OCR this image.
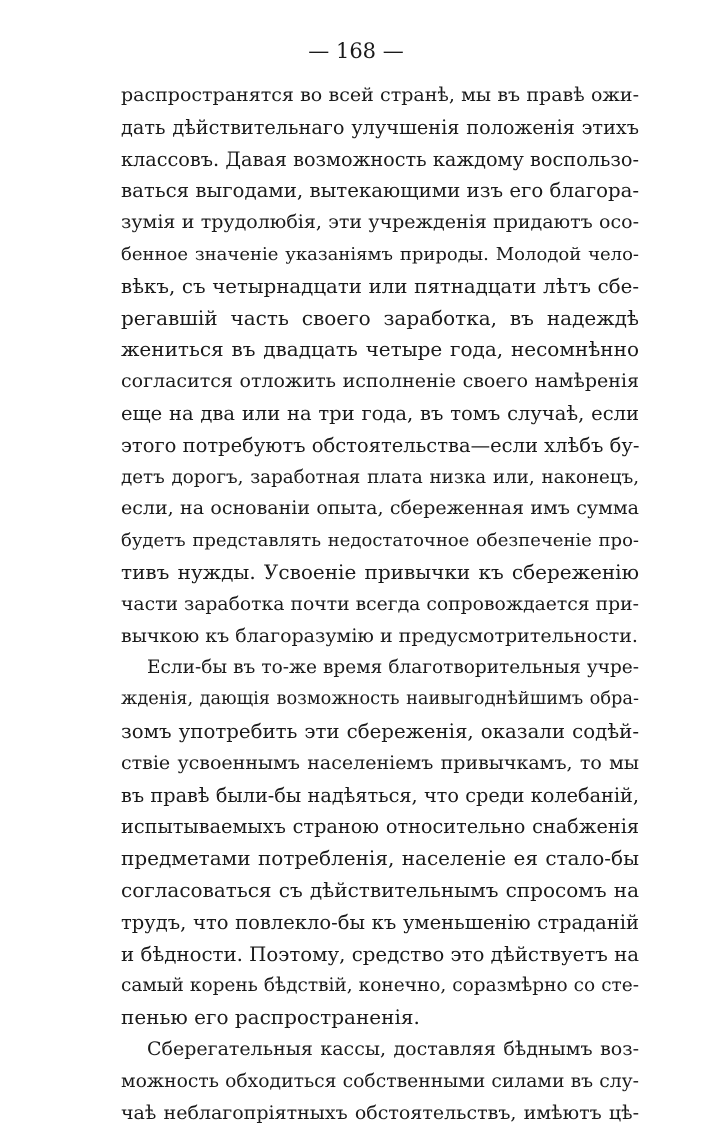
— 168 —

распространятся во всей странѣ, мы въ правѣ ожи-
дать дѣйствительнаго улучшенія положенія этихъ
классовъ. Давая возможность каждому воспользо-
ваться выгодами, вытекающими изъ его благора-
зумія и трудолюбія, эти учрежденія придаютъ осо-
бенное значеніе указаніямъ природы. Молодой чело-
вѣкъ, съ четырнадцати или пятнадцати лѣтъ сбе-
регавшій часть своего заработка, въ надеждѣ
жениться въ двадцать четыре года, несомнѣнно
согласится отложить исполненіе своего намѣренія
еще на два или на три года, въ томъ случаѣ, если
этого потребуютъ обстоятельства—если хлѣбъ бу-
детъ дорогъ, заработная плата низка или, наконецъ,
если, на основаніи опыта, сбереженная имъ сумма
будетъ представлять недостаточное обезпеченіе про-
тивъ нужды. Усвоеніе привычки къ сбереженію
части заработка почти всегда сопровождается при-
вычкою къ благоразумію и предусмотрительности.

Если-бы въ то-же время благотворительныя учре-
жденія, дающія возможность наивыгоднѣйшимъ обра-
зомъ употребить эти сбереженія, оказали содѣй-
ствіе усвоеннымъ населеніемъ привычкамъ, то мы
въ правѣ были-бы надѣяться, что среди колебаній,
испытываемыхъ страною относительно снабженія
предметами потребленія, населеніе ея стало-бы
согласоваться съ дѣйствительнымъ спросомъ на
трудъ, что повлекло-бы къ уменьшенію страданій
и бѣдности. Поэтому, средство это дѣйствуетъ на
самый корень бѣдствій, конечно, соразмѣрно со сте-
пенью его распространенія.

Сберегательныя кассы, доставляя бѣднымъ воз-
можность обходиться собственными силами въ слу-
чаѣ неблагопріятныхъ обстоятельствъ, имѣютъ цѣ-
